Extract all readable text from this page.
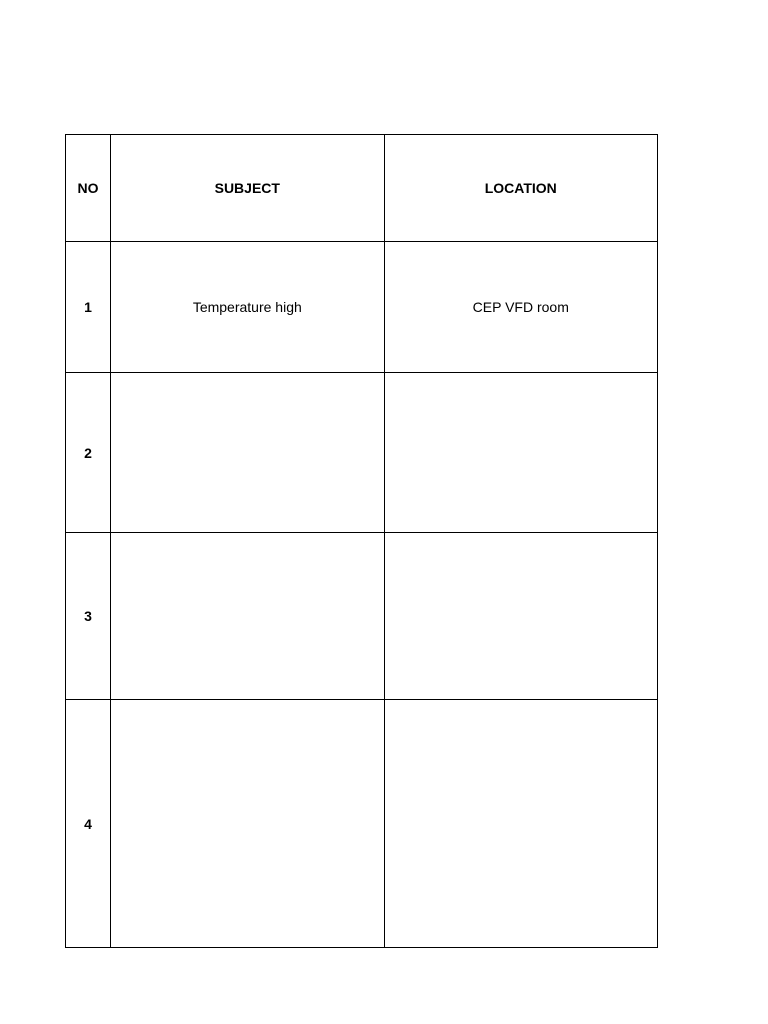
NO	SUBJECT	LOCATION
1	Temperature high	CEP VFD room
2		
3		
4		
